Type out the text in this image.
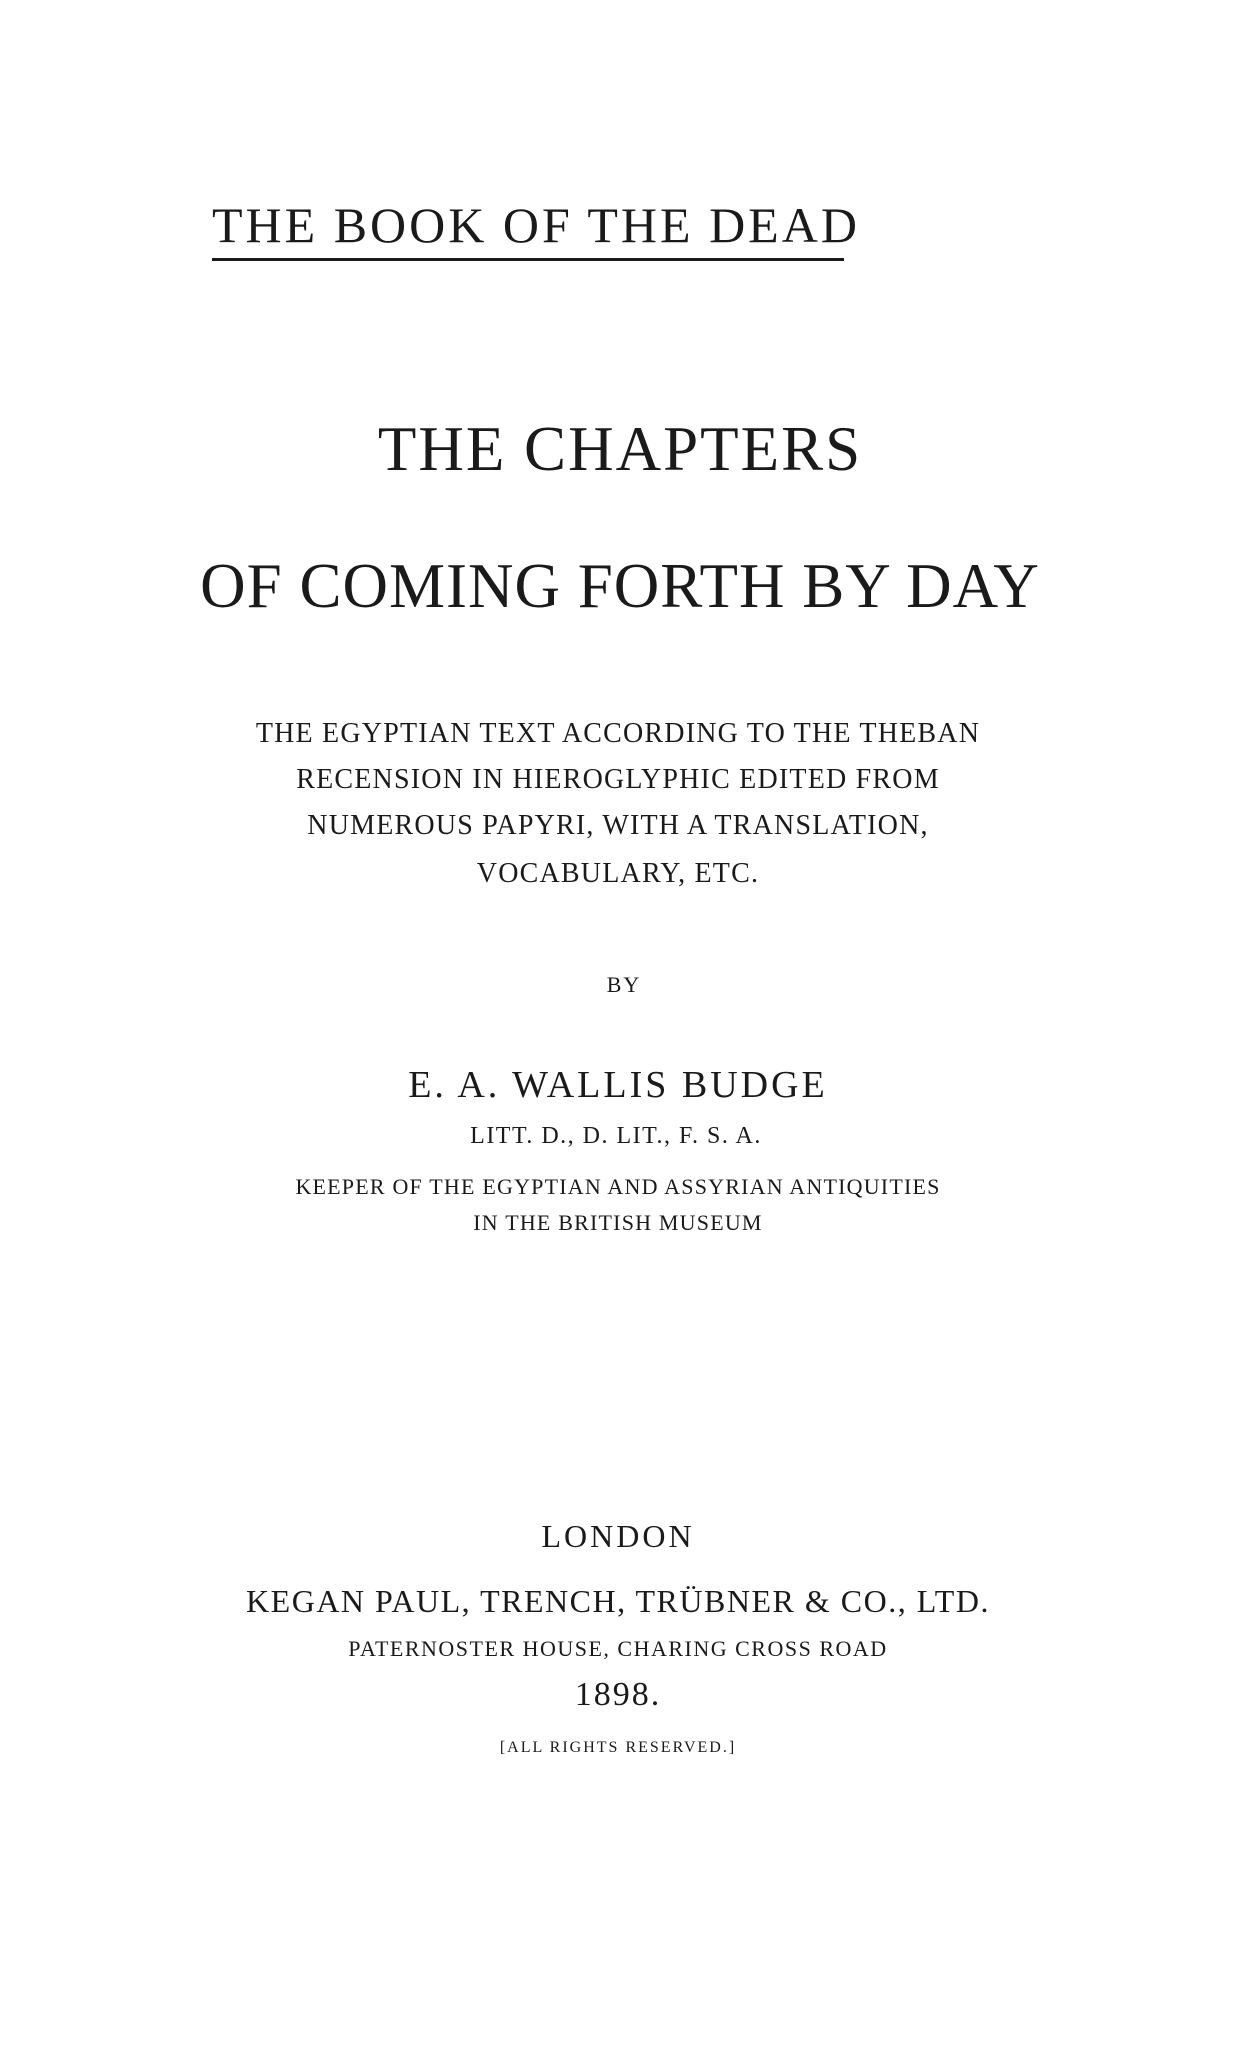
THE BOOK OF THE DEAD
THE CHAPTERS
OF COMING FORTH BY DAY

THE EGYPTIAN TEXT ACCORDING TO THE THEBAN

RECENSION IN HIEROGLYPHIC EDITED FROM

NUMEROUS PAPYRI, WITH A TRANSLATION,

VOCABULARY, ETC.

BY

E. A. WALLIS BUDGE

LITT. D., D. LIT., F. S. A.

KEEPER OF THE EGYPTIAN AND ASSYRIAN ANTIQUITIES

IN THE BRITISH MUSEUM

LONDON

KEGAN PAUL, TRENCH, TRÜBNER & CO., LTD.

PATERNOSTER HOUSE, CHARING CROSS ROAD

1898.

[ALL RIGHTS RESERVED.]
